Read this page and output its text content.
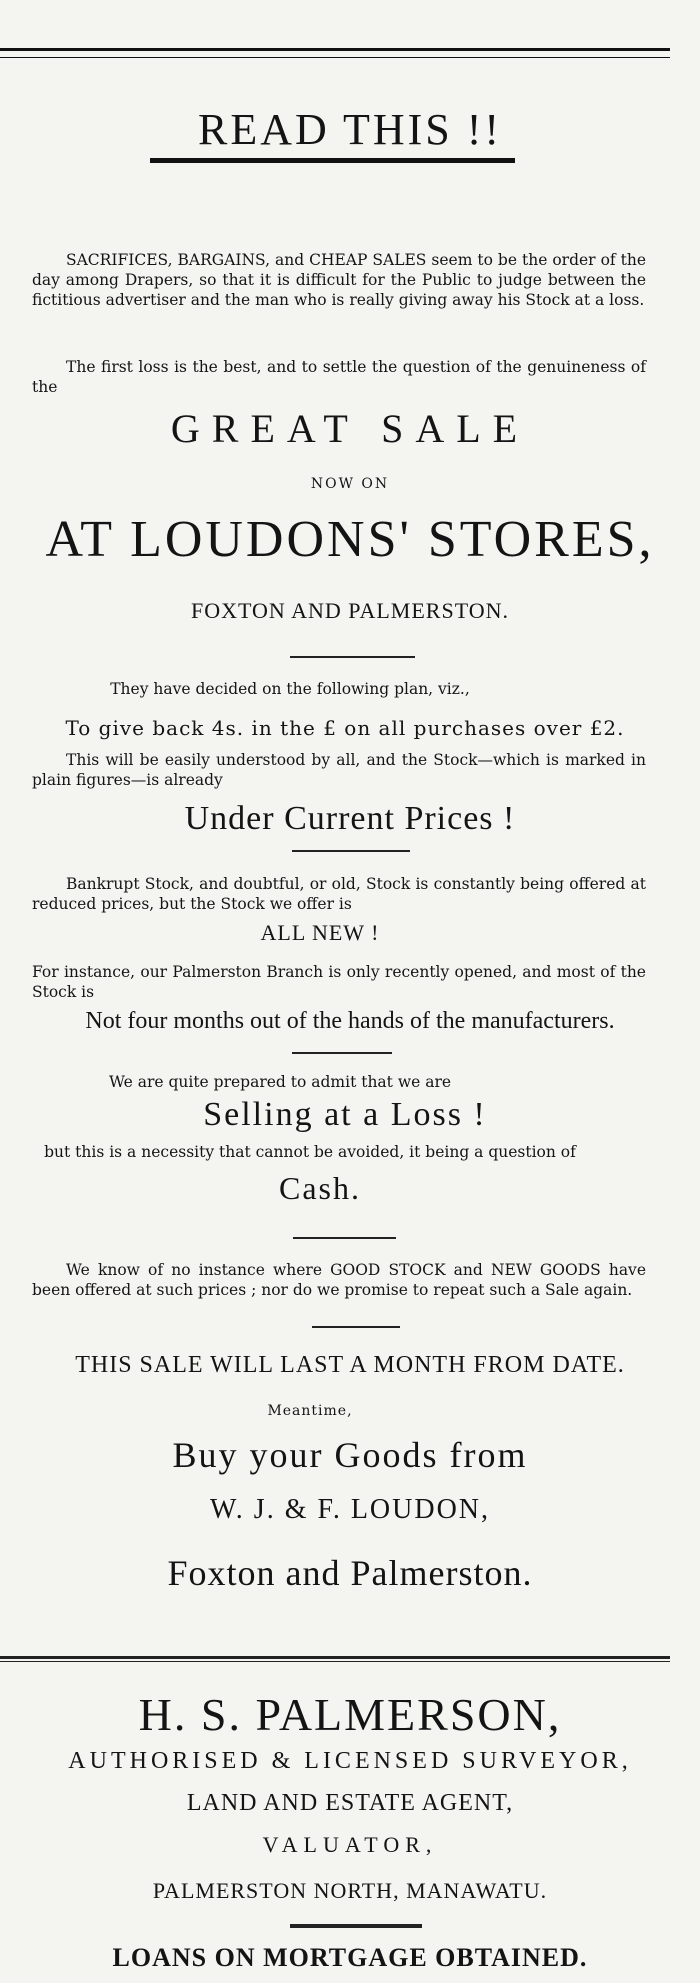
READ THIS !!

SACRIFICES, BARGAINS, and CHEAP SALES seem to be the order of the day among Drapers, so that it is difficult for the Public to judge between the fictitious advertiser and the man who is really giving away his Stock at a loss.

The first loss is the best, and to settle the question of the genuineness of the

GREAT SALE
NOW ON
AT LOUDONS' STORES,
FOXTON AND PALMERSTON.
They have decided on the following plan, viz.,
To give back 4s. in the £ on all purchases over £2.

This will be easily understood by all, and the Stock—which is marked in plain figures—is already

Under Current Prices !

Bankrupt Stock, and doubtful, or old, Stock is constantly being offered at reduced prices, but the Stock we offer is

ALL NEW !

For instance, our Palmerston Branch is only recently opened, and most of the Stock is

Not four months out of the hands of the manufacturers.
We are quite prepared to admit that we are
Selling at a Loss !
but this is a necessity that cannot be avoided, it being a question of
Cash.

We know of no instance where GOOD STOCK and NEW GOODS have been offered at such prices ; nor do we promise to repeat such a Sale again.

THIS SALE WILL LAST A MONTH FROM DATE.
Meantime,
Buy your Goods from
W. J. & F. LOUDON,
Foxton and Palmerston.
H. S. PALMERSON,
AUTHORISED & LICENSED SURVEYOR,
LAND AND ESTATE AGENT,
VALUATOR,
PALMERSTON NORTH, MANAWATU.
LOANS ON MORTGAGE OBTAINED.
